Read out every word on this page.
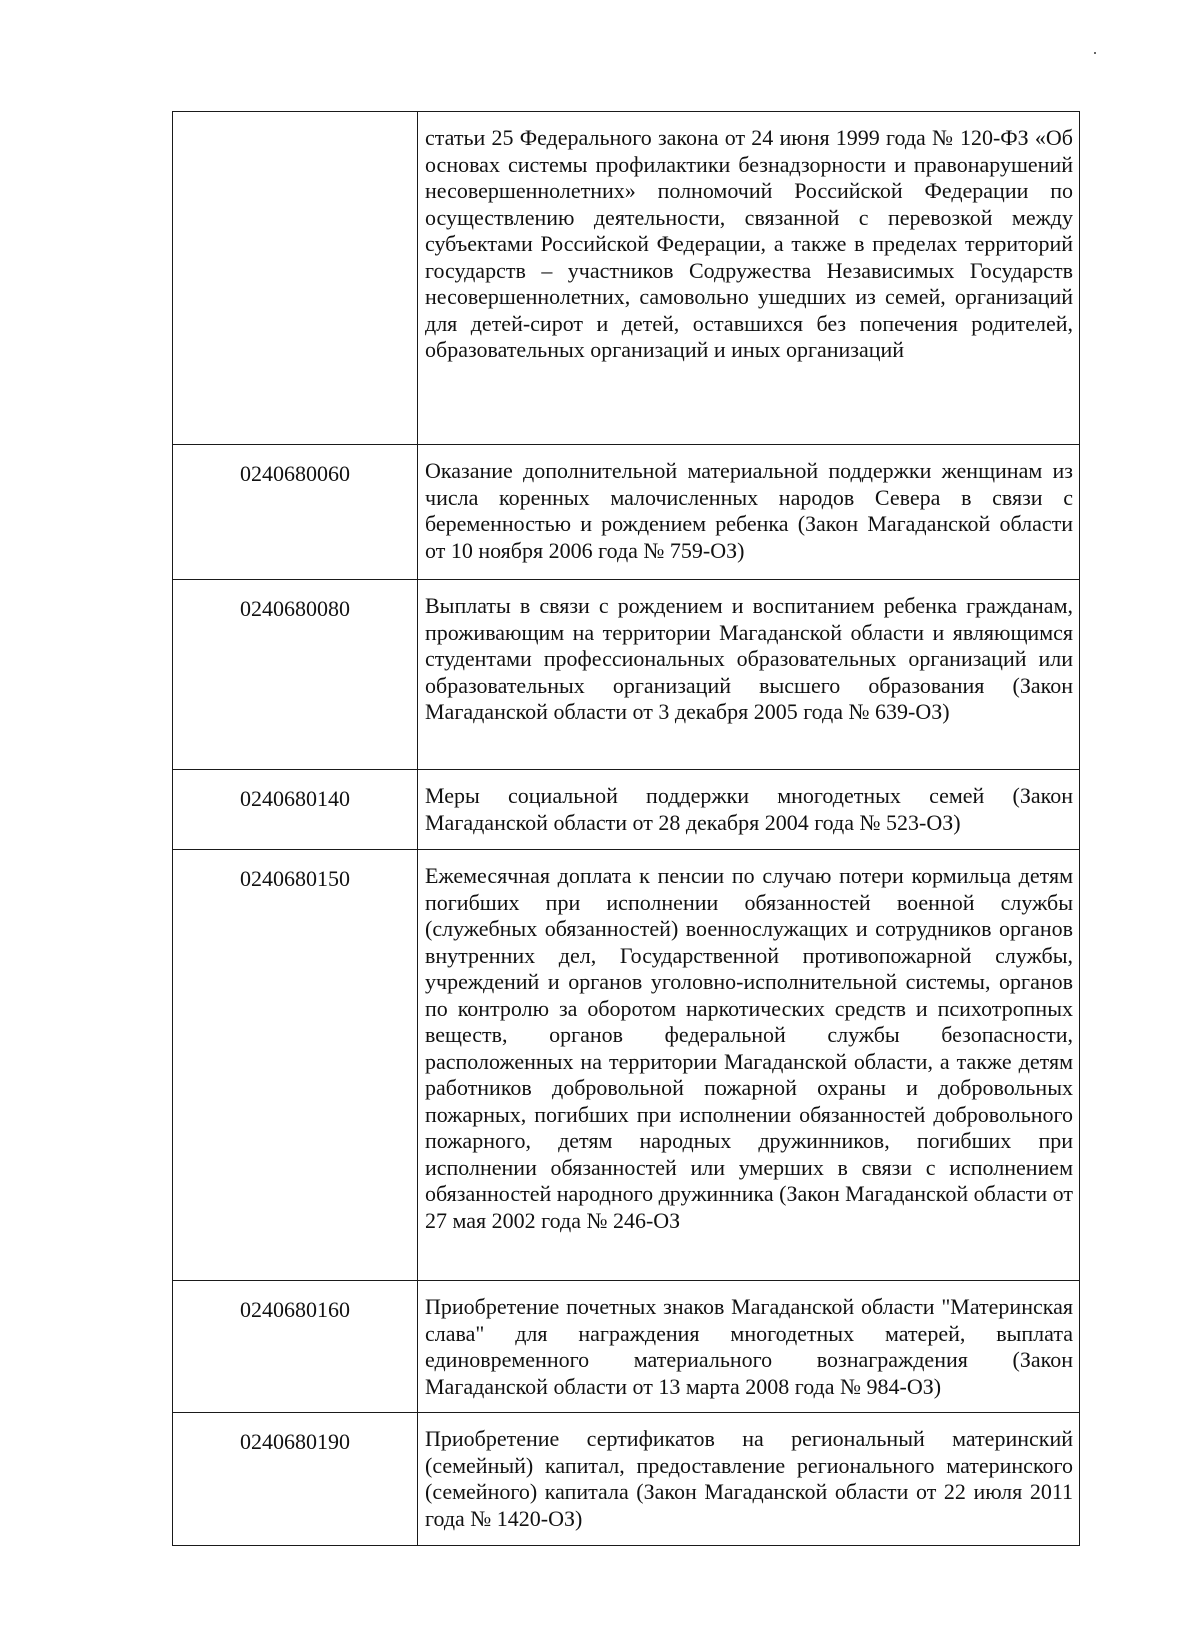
	статьи 25 Федерального закона от 24 июня 1999 года № 120-ФЗ «Об основах системы профилактики безнадзорности и правонарушений несовершеннолетних» полномочий Российской Федерации по осуществлению деятельности, связанной с перевозкой между субъектами Российской Федерации, а также в пределах территорий государств – участников Содружества Независимых Государств несовершеннолетних, самовольно ушедших из семей, организаций для детей-сирот и детей, оставшихся без попечения родителей, образовательных организаций и иных организаций
0240680060	Оказание дополнительной материальной поддержки женщинам из числа коренных малочисленных народов Севера в связи с беременностью и рождением ребенка (Закон Магаданской области от 10 ноября 2006 года № 759-ОЗ)
0240680080	Выплаты в связи с рождением и воспитанием ребенка гражданам, проживающим на территории Магаданской области и являющимся студентами профессиональных образовательных организаций или образовательных организаций высшего образования (Закон Магаданской области от 3 декабря 2005 года № 639-ОЗ)
0240680140	Меры социальной поддержки многодетных семей (Закон Магаданской области от 28 декабря 2004 года № 523-ОЗ)
0240680150	Ежемесячная доплата к пенсии по случаю потери кормильца детям погибших при исполнении обязанностей военной службы (служебных обязанностей) военнослужащих и сотрудников органов внутренних дел, Государственной противопожарной службы, учреждений и органов уголовно-исполнительной системы, органов по контролю за оборотом наркотических средств и психотропных веществ, органов федеральной службы безопасности, расположенных на территории Магаданской области, а также детям работников добровольной пожарной охраны и добровольных пожарных, погибших при исполнении обязанностей добровольного пожарного, детям народных дружинников, погибших при исполнении обязанностей или умерших в связи с исполнением обязанностей народного дружинника (Закон Магаданской области от 27 мая 2002 года № 246-ОЗ
0240680160	Приобретение почетных знаков Магаданской области "Материнская слава" для награждения многодетных матерей, выплата единовременного материального вознаграждения (Закон Магаданской области от 13 марта 2008 года № 984-ОЗ)
0240680190	Приобретение сертификатов на региональный материнский (семейный) капитал, предоставление регионального материнского (семейного) капитала (Закон Магаданской области от 22 июля 2011 года № 1420-ОЗ)
